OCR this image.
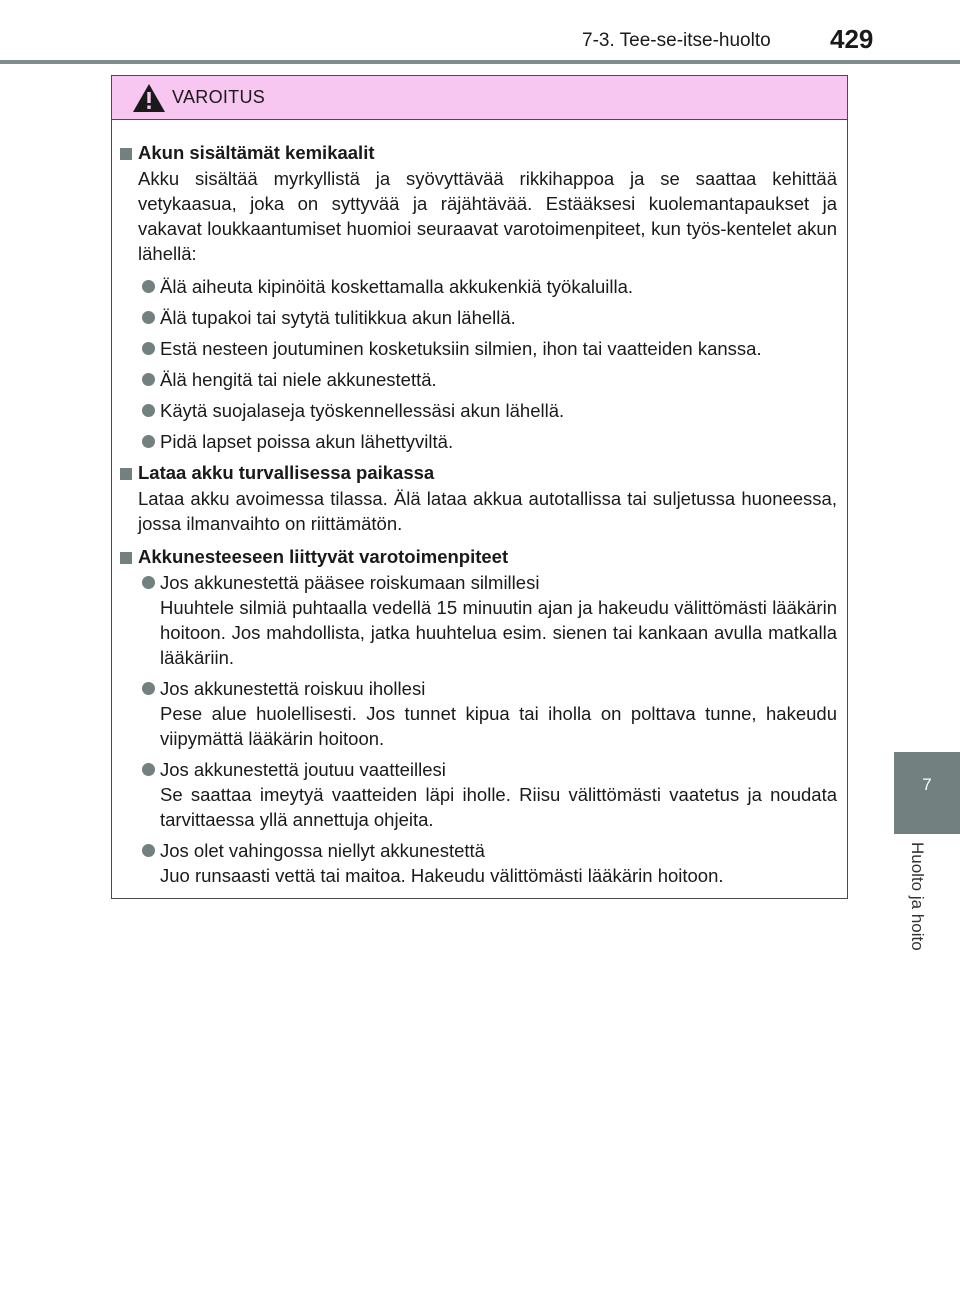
7-3. Tee-se-itse-huolto 429
7
Huolto ja hoito
VAROITUS
Akun sisältämät kemikaalit

Akku sisältää myrkyllistä ja syövyttävää rikkihappoa ja se saattaa kehittää vetykaasua, joka on syttyvää ja räjähtävää. Estääksesi kuolemantapaukset ja vakavat loukkaantumiset huomioi seuraavat varotoimenpiteet, kun työs-kentelet akun lähellä:

Älä aiheuta kipinöitä koskettamalla akkukenkiä työkaluilla.
Älä tupakoi tai sytytä tulitikkua akun lähellä.
Estä nesteen joutuminen kosketuksiin silmien, ihon tai vaatteiden kanssa.
Älä hengitä tai niele akkunestettä.
Käytä suojalaseja työskennellessäsi akun lähellä.
Pidä lapset poissa akun lähettyviltä.
Lataa akku turvallisessa paikassa

Lataa akku avoimessa tilassa. Älä lataa akkua autotallissa tai suljetussa huoneessa, jossa ilmanvaihto on riittämätön.

Akkunesteeseen liittyvät varotoimenpiteet
Jos akkunestettä pääsee roiskumaan silmillesi
Huuhtele silmiä puhtaalla vedellä 15 minuutin ajan ja hakeudu välittömästi lääkärin hoitoon. Jos mahdollista, jatka huuhtelua esim. sienen tai kankaan avulla matkalla lääkäriin.
Jos akkunestettä roiskuu ihollesi
Pese alue huolellisesti. Jos tunnet kipua tai iholla on polttava tunne, hakeudu viipymättä lääkärin hoitoon.
Jos akkunestettä joutuu vaatteillesi
Se saattaa imeytyä vaatteiden läpi iholle. Riisu välittömästi vaatetus ja noudata tarvittaessa yllä annettuja ohjeita.
Jos olet vahingossa niellyt akkunestettä
Juo runsaasti vettä tai maitoa. Hakeudu välittömästi lääkärin hoitoon.
